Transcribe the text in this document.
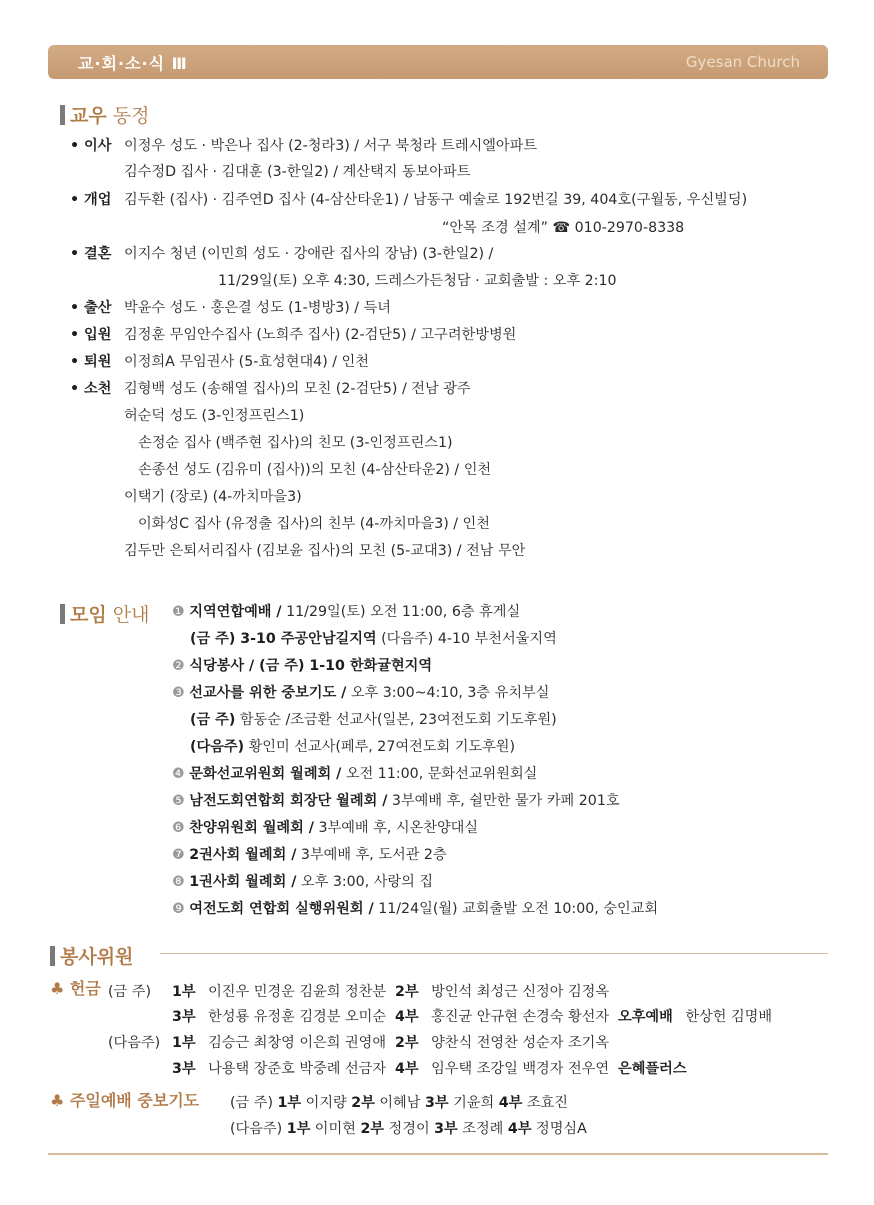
교·회·소·식 Ⅲ	Gyesan Church
교우 동정
• 이사 이정우 성도 · 박은나 집사 (2-청라3) / 서구 북청라 트레시엘아파트
김수정D 집사 · 김대훈 (3-한일2) / 계산택지 동보아파트
• 개업 김두환 (집사) · 김주연D 집사 (4-삼산타운1) / 남동구 예술로 192번길 39, 404호(구월동, 우신빌딩)
“안목 조경 설계” ☎ 010-2970-8338
• 결혼 이지수 청년 (이민희 성도 · 강애란 집사의 장남) (3-한일2) /
11/29일(토) 오후 4:30, 드레스가든청담 · 교회출발 : 오후 2:10
• 출산 박윤수 성도 · 홍은결 성도 (1-병방3) / 득녀
• 입원 김정훈 무임안수집사 (노희주 집사) (2-검단5) / 고구려한방병원
• 퇴원 이정희A 무임권사 (5-효성현대4) / 인천
• 소천 김형백 성도 (송해열 집사)의 모친 (2-검단5) / 전남 광주
허순덕 성도 (3-인정프린스1)
손정순 집사 (백주현 집사)의 친모 (3-인정프린스1)
손종선 성도 (김유미 (집사))의 모친 (4-삼산타운2) / 인천
이택기 (장로) (4-까치마을3)
이화성C 집사 (유정출 집사)의 친부 (4-까치마을3) / 인천
김두만 은퇴서리집사 (김보윤 집사)의 모친 (5-교대3) / 전남 무안
모임 안내 ❶ 지역연합예배 / 11/29일(토) 오전 11:00, 6층 휴게실
(금 주) 3-10 주공안남길지역 (다음주) 4-10 부천서울지역
❷ 식당봉사 / (금 주) 1-10 한화귤현지역
❸ 선교사를 위한 중보기도 / 오후 3:00~4:10, 3층 유치부실
(금 주) 함동순 /조금환 선교사(일본, 23여전도회 기도후원)
(다음주) 황인미 선교사(페루, 27여전도회 기도후원)
❹ 문화선교위원회 월례회 / 오전 11:00, 문화선교위원회실
❺ 남전도회연합회 회장단 월례회 / 3부예배 후, 쉴만한 물가 카페 201호
❻ 찬양위원회 월례회 / 3부예배 후, 시온찬양대실
❼ 2권사회 월례회 / 3부예배 후, 도서관 2층
❽ 1권사회 월례회 / 오후 3:00, 사랑의 집
❾ 여전도회 연합회 실행위원회 / 11/24일(월) 교회출발 오전 10:00, 숭인교회
봉사위원
♣ 헌금 (금 주) 1부 이진우 민경운 김윤희 정찬분 2부 방인석 최성근 신정아 김정옥
3부 한성룡 유정훈 김경분 오미순 4부 홍진균 안규현 손경숙 황선자 오후예배 한상헌 김명배
(다음주) 1부 김승근 최창영 이은희 권영애 2부 양찬식 전영찬 성순자 조기옥
3부 나용택 장준호 박중례 선금자 4부 임우택 조강일 백경자 전우연 은혜플러스
♣ 주일예배 중보기도 (금 주) 1부 이지량 2부 이혜남 3부 기윤희 4부 조효진
(다음주) 1부 이미현 2부 정경이 3부 조정례 4부 정명심A
